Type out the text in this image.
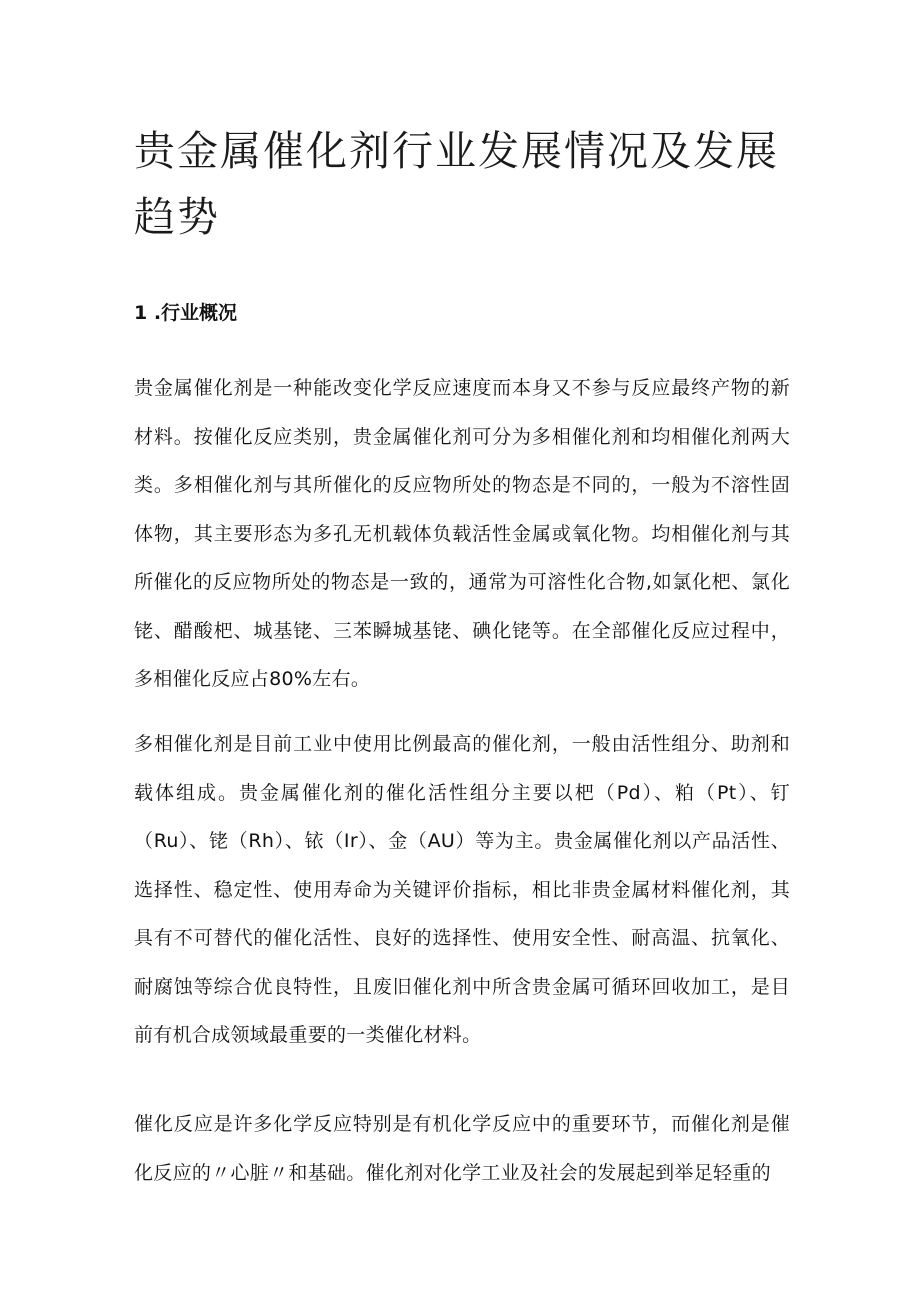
贵金属催化剂行业发展情况及发展趋势
1 .行业概况

贵金属催化剂是一种能改变化学反应速度而本身又不参与反应最终产物的新材料。按催化反应类别，贵金属催化剂可分为多相催化剂和均相催化剂两大类。多相催化剂与其所催化的反应物所处的物态是不同的，一般为不溶性固体物，其主要形态为多孔无机载体负载活性金属或氧化物。均相催化剂与其所催化的反应物所处的物态是一致的，通常为可溶性化合物,如氯化杷、氯化铑、醋酸杷、城基铑、三苯瞬城基铑、碘化铑等。在全部催化反应过程中，多相催化反应占80%左右。

多相催化剂是目前工业中使用比例最高的催化剂，一般由活性组分、助剂和载体组成。贵金属催化剂的催化活性组分主要以杷（Pd）、粕（Pt）、钉（Ru）、铑（Rh）、铱（Ir）、金（AU）等为主。贵金属催化剂以产品活性、选择性、稳定性、使用寿命为关键评价指标，相比非贵金属材料催化剂，其具有不可替代的催化活性、良好的选择性、使用安全性、耐高温、抗氧化、耐腐蚀等综合优良特性，且废旧催化剂中所含贵金属可循环回收加工，是目前有机合成领域最重要的一类催化材料。

催化反应是许多化学反应特别是有机化学反应中的重要环节，而催化剂是催化反应的〃心脏〃和基础。催化剂对化学工业及社会的发展起到举足轻重的
